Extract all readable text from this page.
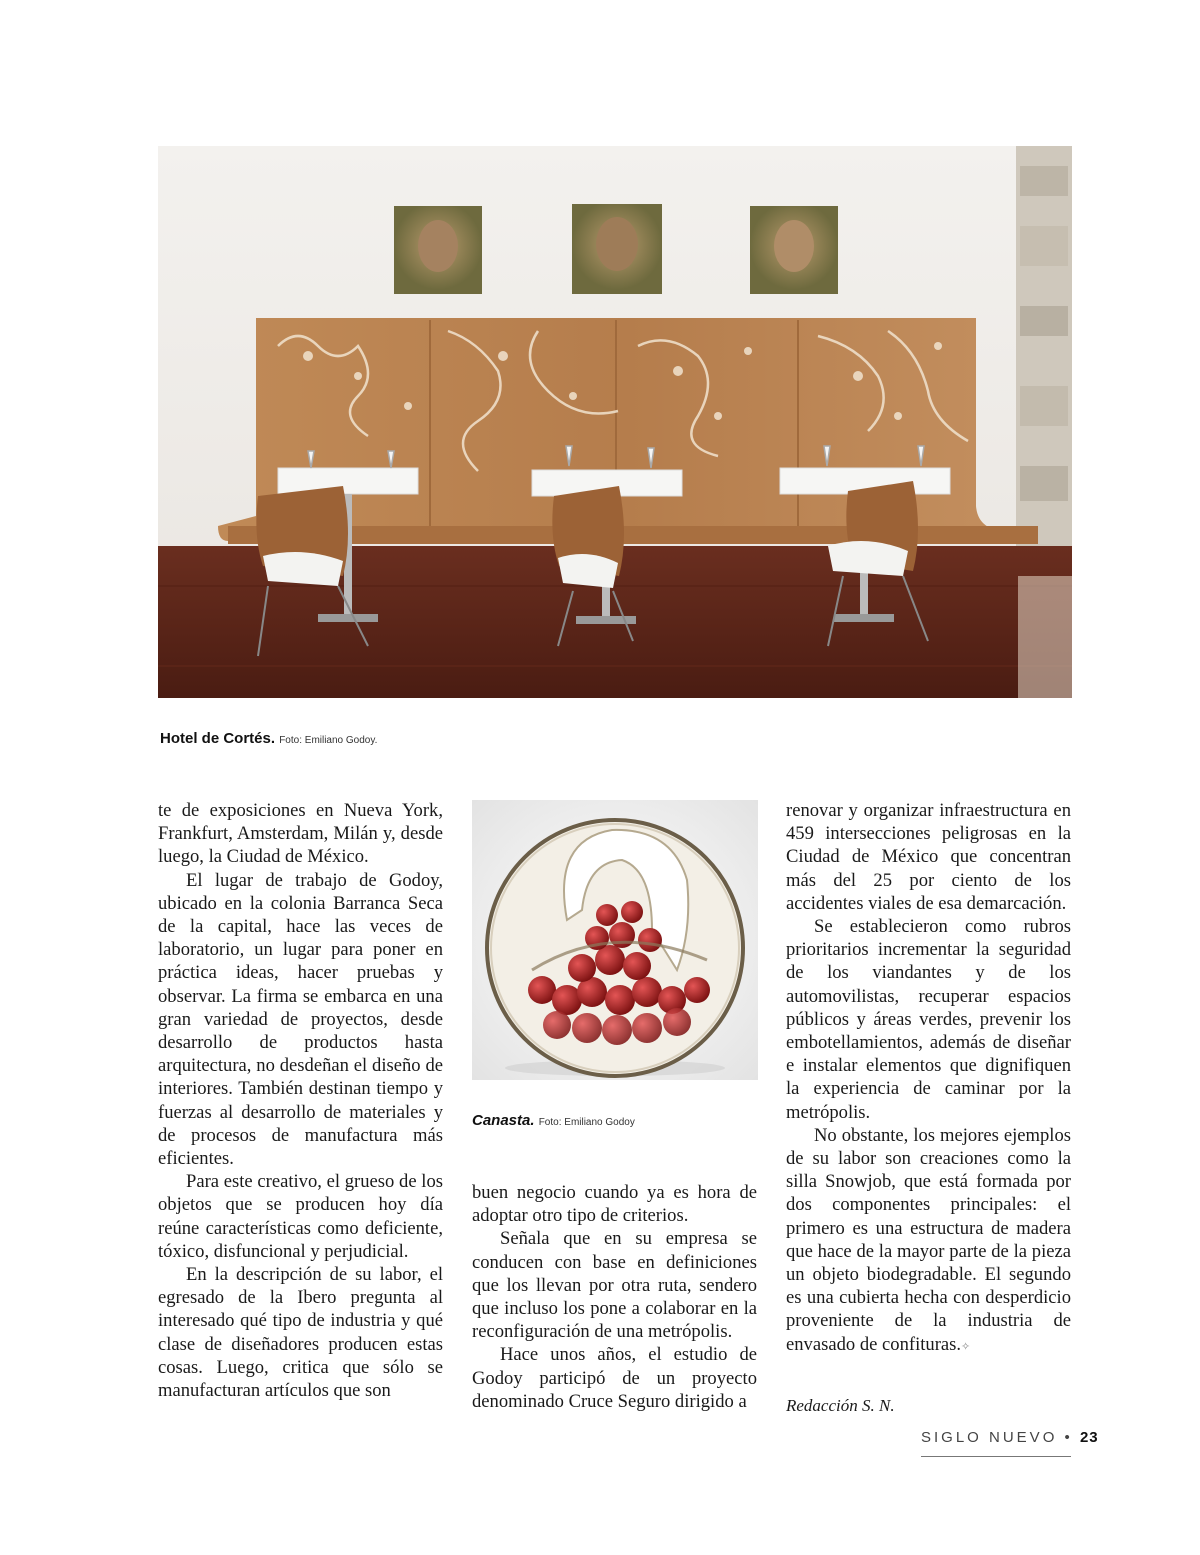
Hotel de Cortés. Foto: Emiliano Godoy.

te de exposiciones en Nueva York, Frankfurt, Amsterdam, Milán y, desde luego, la Ciudad de México.

El lugar de trabajo de Godoy, ubicado en la colonia Barranca Seca de la capital, hace las veces de laboratorio, un lugar para poner en práctica ideas, hacer pruebas y observar. La firma se embarca en una gran variedad de proyectos, desde desarrollo de productos hasta arquitectura, no desdeñan el diseño de interiores. También destinan tiempo y fuerzas al desarrollo de materiales y de procesos de manufactura más eficientes.

Para este creativo, el grueso de los objetos que se producen hoy día reúne características como deficiente, tóxico, disfuncional y perjudicial.

En la descripción de su labor, el egresado de la Ibero pregunta al interesado qué tipo de industria y qué clase de diseñadores producen estas cosas. Luego, critica que sólo se manufacturan artículos que son

Canasta. Foto: Emiliano Godoy

buen negocio cuando ya es hora de adoptar otro tipo de criterios.

Señala que en su empresa se conducen con base en definiciones que los llevan por otra ruta, sendero que incluso los pone a colaborar en la reconfiguración de una metrópolis.

Hace unos años, el estudio de Godoy participó de un proyecto denominado Cruce Seguro dirigido a

renovar y organizar infraestructura en 459 intersecciones peligrosas en la Ciudad de México que concentran más del 25 por ciento de los accidentes viales de esa demarcación.

Se establecieron como rubros prioritarios incrementar la seguridad de los viandantes y de los automovilistas, recuperar espacios públicos y áreas verdes, prevenir los embotellamientos, además de diseñar e instalar elementos que dignifiquen la experiencia de caminar por la metrópolis.

No obstante, los mejores ejemplos de su labor son creaciones como la silla Snowjob, que está formada por dos componentes principales: el primero es una estructura de madera que hace de la mayor parte de la pieza un objeto biodegradable. El segundo es una cubierta hecha con desperdicio proveniente de la industria de envasado de confituras.✧

Redacción S. N.
SIGLO NUEVO • 23
